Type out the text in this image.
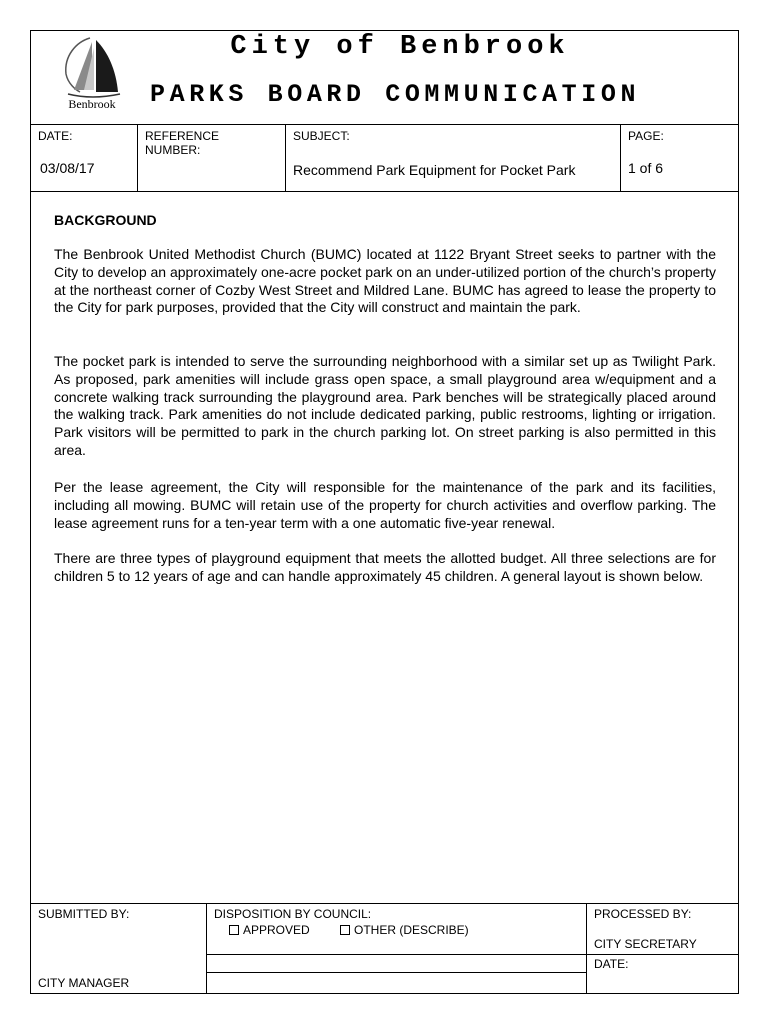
Benbrook
City of Benbrook
PARKS BOARD COMMUNICATION
DATE:
03/08/17
REFERENCE NUMBER:
SUBJECT:
Recommend Park Equipment for Pocket Park
PAGE:
1 of 6
BACKGROUND

The Benbrook United Methodist Church (BUMC) located at 1122 Bryant Street seeks to partner with the City to develop an approximately one-acre pocket park on an under-utilized portion of the church’s property at the northeast corner of Cozby West Street and Mildred Lane. BUMC has agreed to lease the property to the City for park purposes, provided that the City will construct and maintain the park.

The pocket park is intended to serve the surrounding neighborhood with a similar set up as Twilight Park. As proposed, park amenities will include grass open space, a small playground area w/equipment and a concrete walking track surrounding the playground area. Park benches will be strategically placed around the walking track. Park amenities do not include dedicated parking, public restrooms, lighting or irrigation. Park visitors will be permitted to park in the church parking lot. On street parking is also permitted in this area.

Per the lease agreement, the City will responsible for the maintenance of the park and its facilities, including all mowing. BUMC will retain use of the property for church activities and overflow parking. The lease agreement runs for a ten-year term with a one automatic five-year renewal.

There are three types of playground equipment that meets the allotted budget. All three selections are for children 5 to 12 years of age and can handle approximately 45 children. A general layout is shown below.

SUBMITTED BY:
CITY MANAGER
DISPOSITION BY COUNCIL:
APPROVED	OTHER (DESCRIBE)
PROCESSED BY:
CITY SECRETARY
DATE:
